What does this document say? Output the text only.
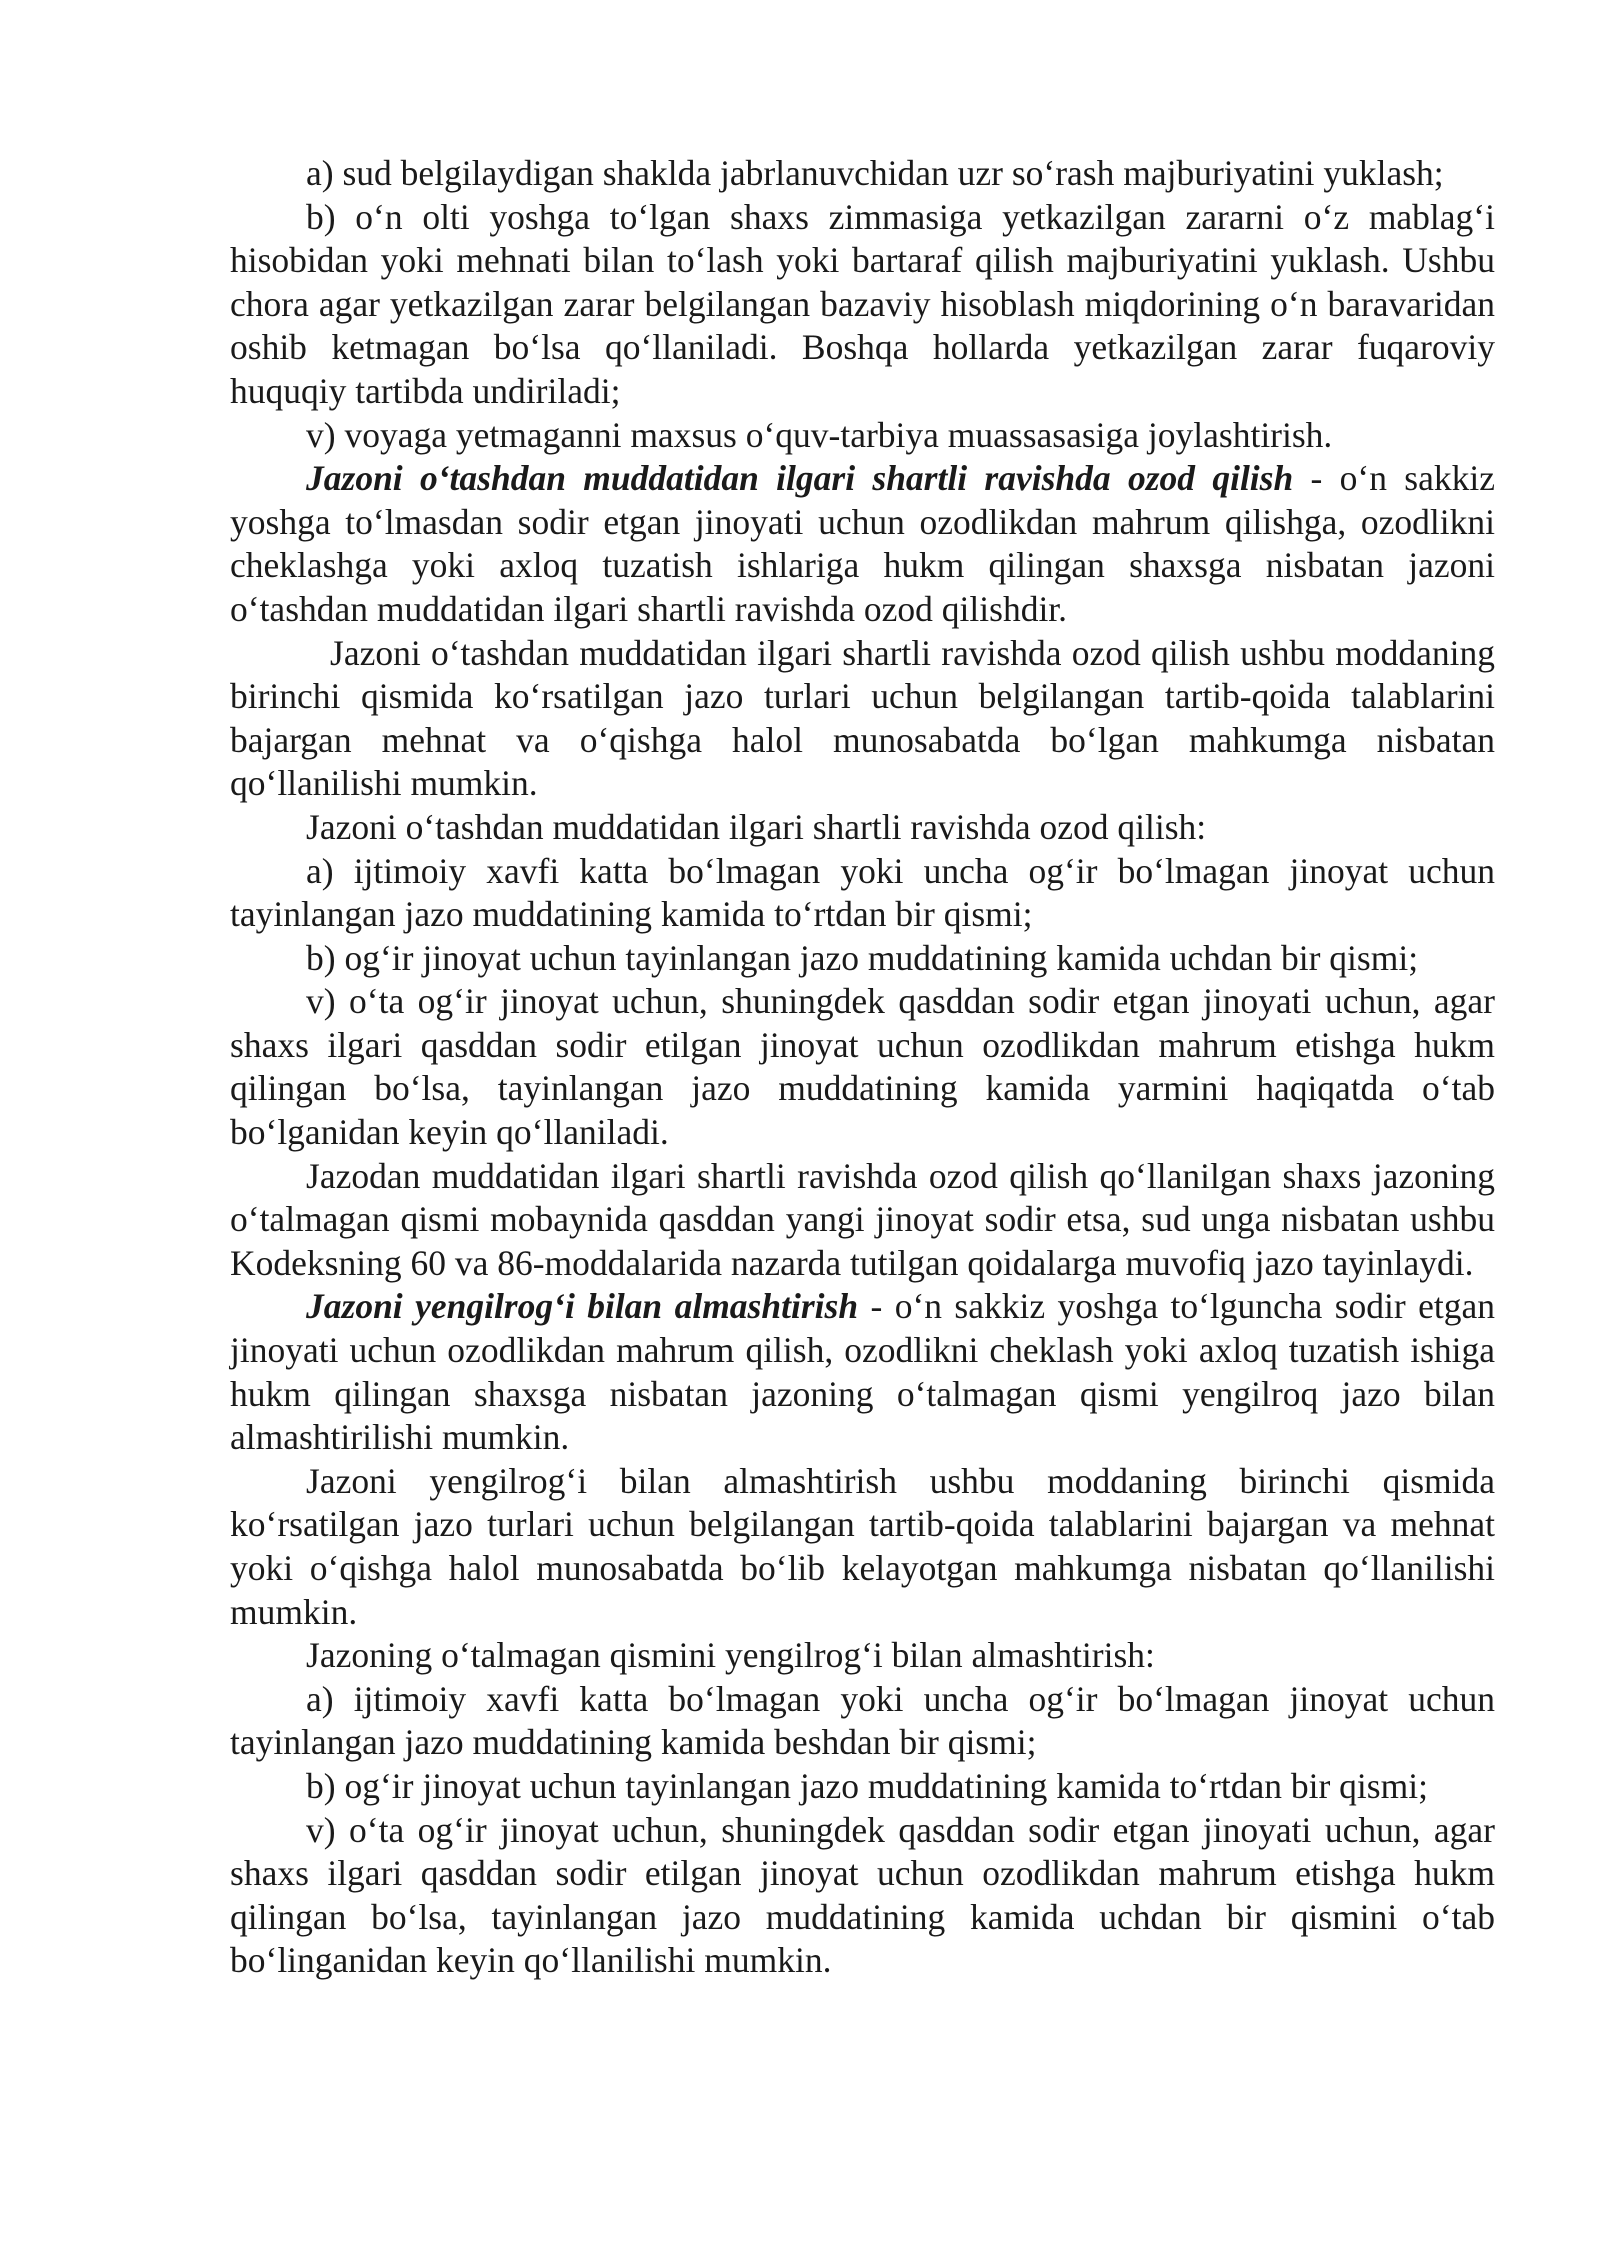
a) sud belgilaydigan shaklda jabrlanuvchidan uzr so‘rash majburiyatini yuklash;

b) o‘n olti yoshga to‘lgan shaxs zimmasiga yetkazilgan zararni o‘z mablag‘i hisobidan yoki mehnati bilan to‘lash yoki bartaraf qilish majburiyatini yuklash. Ushbu chora agar yetkazilgan zarar belgilangan bazaviy hisoblash miqdorining o‘n baravaridan oshib ketmagan bo‘lsa qo‘llaniladi. Boshqa hollarda yetkazilgan zarar fuqaroviy huquqiy tartibda undiriladi;

v) voyaga yetmaganni maxsus o‘quv-tarbiya muassasasiga joylashtirish.

Jazoni o‘tashdan muddatidan ilgari shartli ravishda ozod qilish - o‘n sakkiz yoshga to‘lmasdan sodir etgan jinoyati uchun ozodlikdan mahrum qilishga, ozodlikni cheklashga yoki axloq tuzatish ishlariga hukm qilingan shaxsga nisbatan jazoni o‘tashdan muddatidan ilgari shartli ravishda ozod qilishdir.

Jazoni o‘tashdan muddatidan ilgari shartli ravishda ozod qilish ushbu moddaning birinchi qismida ko‘rsatilgan jazo turlari uchun belgilangan tartib-qoida talablarini bajargan mehnat va o‘qishga halol munosabatda bo‘lgan mahkumga nisbatan qo‘llanilishi mumkin.

Jazoni o‘tashdan muddatidan ilgari shartli ravishda ozod qilish:

a) ijtimoiy xavfi katta bo‘lmagan yoki uncha og‘ir bo‘lmagan jinoyat uchun tayinlangan jazo muddatining kamida to‘rtdan bir qismi;

b) og‘ir jinoyat uchun tayinlangan jazo muddatining kamida uchdan bir qismi;

v) o‘ta og‘ir jinoyat uchun, shuningdek qasddan sodir etgan jinoyati uchun, agar shaxs ilgari qasddan sodir etilgan jinoyat uchun ozodlikdan mahrum etishga hukm qilingan bo‘lsa, tayinlangan jazo muddatining kamida yarmini haqiqatda o‘tab bo‘lganidan keyin qo‘llaniladi.

Jazodan muddatidan ilgari shartli ravishda ozod qilish qo‘llanilgan shaxs jazoning o‘talmagan qismi mobaynida qasddan yangi jinoyat sodir etsa, sud unga nisbatan ushbu Kodeksning 60 va 86-moddalarida nazarda tutilgan qoidalarga muvofiq jazo tayinlaydi.

Jazoni yengilrog‘i bilan almashtirish - o‘n sakkiz yoshga to‘lguncha sodir etgan jinoyati uchun ozodlikdan mahrum qilish, ozodlikni cheklash yoki axloq tuzatish ishiga hukm qilingan shaxsga nisbatan jazoning o‘talmagan qismi yengilroq jazo bilan almashtirilishi mumkin.

Jazoni yengilrog‘i bilan almashtirish ushbu moddaning birinchi qismida ko‘rsatilgan jazo turlari uchun belgilangan tartib-qoida talablarini bajargan va mehnat yoki o‘qishga halol munosabatda bo‘lib kelayotgan mahkumga nisbatan qo‘llanilishi mumkin.

Jazoning o‘talmagan qismini yengilrog‘i bilan almashtirish:

a) ijtimoiy xavfi katta bo‘lmagan yoki uncha og‘ir bo‘lmagan jinoyat uchun tayinlangan jazo muddatining kamida beshdan bir qismi;

b) og‘ir jinoyat uchun tayinlangan jazo muddatining kamida to‘rtdan bir qismi;

v) o‘ta og‘ir jinoyat uchun, shuningdek qasddan sodir etgan jinoyati uchun, agar shaxs ilgari qasddan sodir etilgan jinoyat uchun ozodlikdan mahrum etishga hukm qilingan bo‘lsa, tayinlangan jazo muddatining kamida uchdan bir qismini o‘tab bo‘linganidan keyin qo‘llanilishi mumkin.
